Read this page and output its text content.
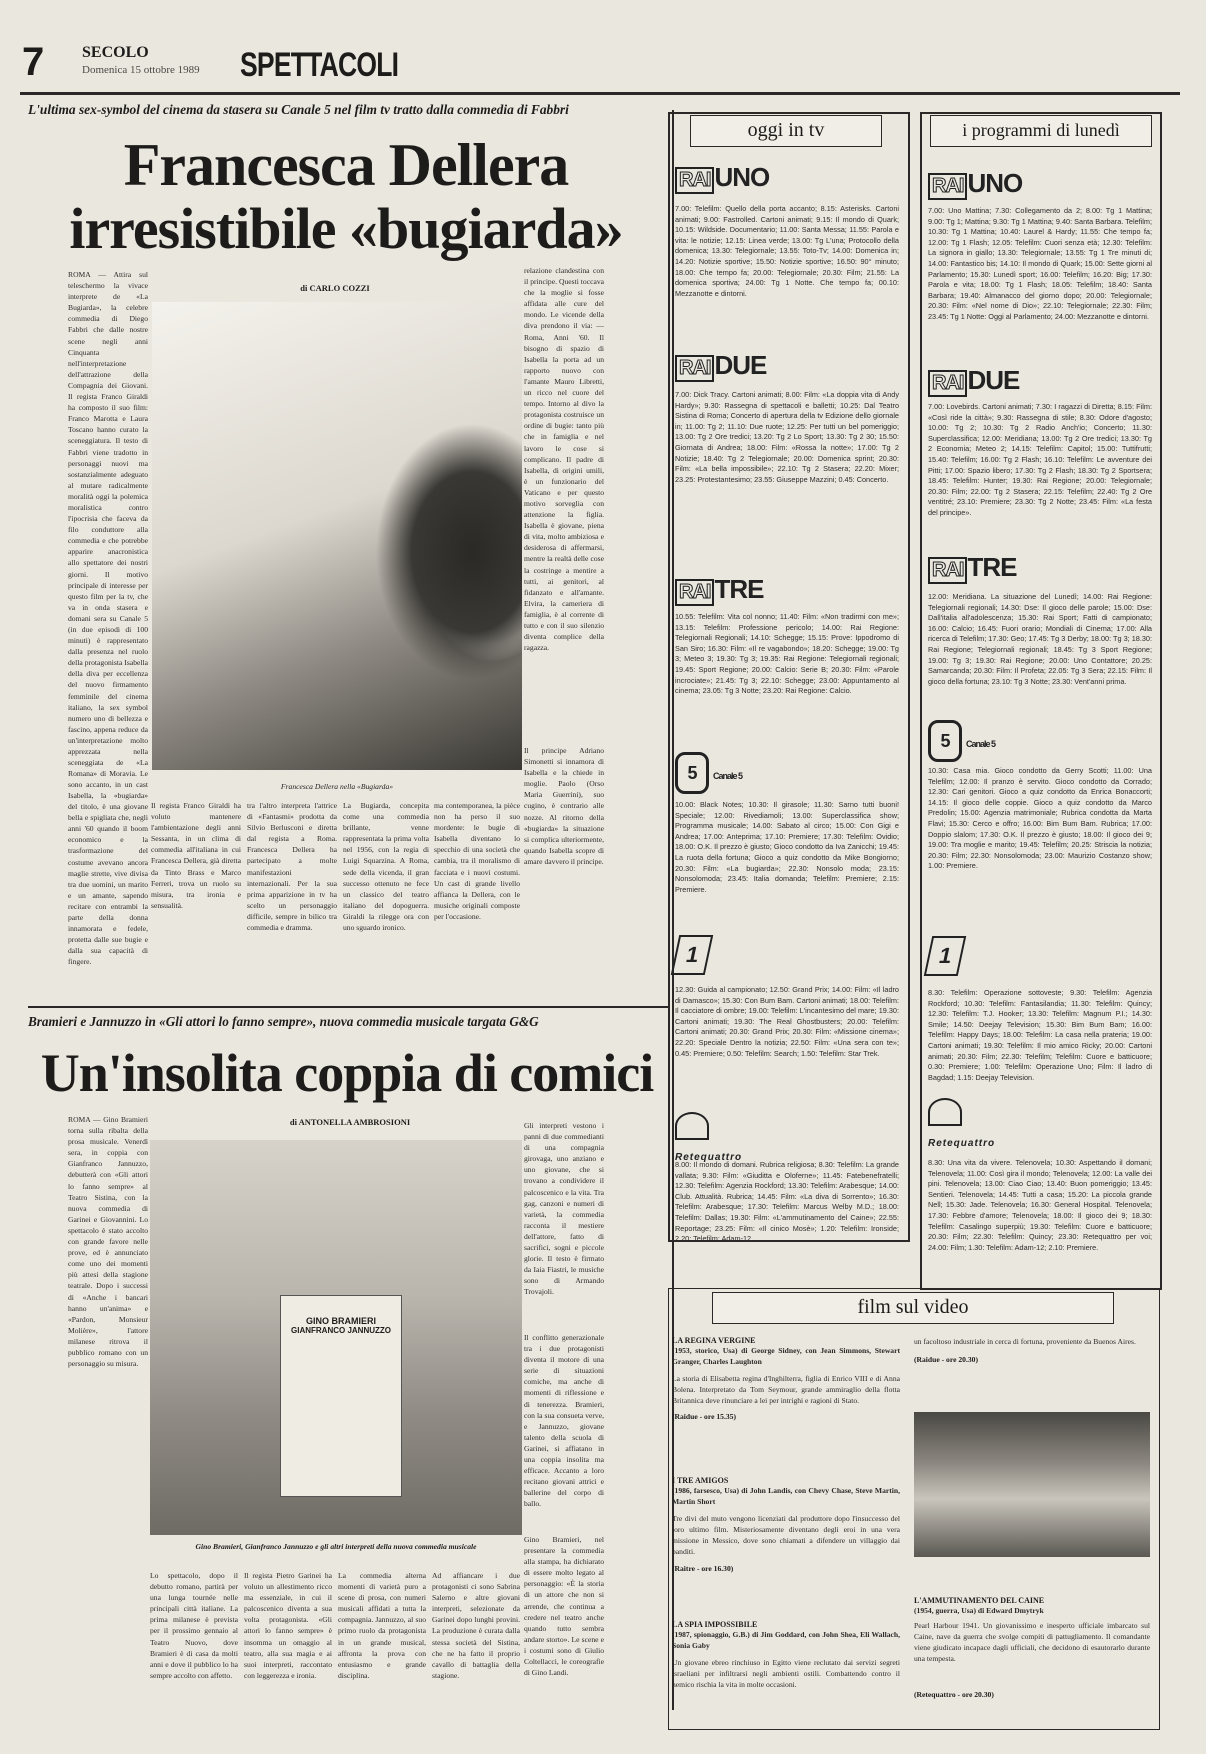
7 SECOLO
Domenica 15 ottobre 1989 SPETTACOLI
L'ultima sex-symbol del cinema da stasera su Canale 5 nel film tv tratto dalla commedia di Fabbri
Francesca Dellera
irresistibile «bugiarda»
ROMA — Attira sul teleschermo la vivace interprete de «La Bugiarda», la celebre commedia di Diego Fabbri che dalle nostre scene negli anni Cinquanta nell'interpretazione dell'attrazione della Compagnia dei Giovani. Il regista Franco Giraldi ha composto il suo film: Franco Marotta e Laura Toscano hanno curato la sceneggiatura. Il testo di Fabbri viene tradotto in personaggi nuovi ma sostanzialmente adeguato al mutare radicalmente moralità oggi la polemica moralistica contro l'ipocrisia che faceva da filo conduttore alla commedia e che potrebbe apparire anacronistica allo spettatore dei nostri giorni. Il motivo principale di interesse per questo film per la tv, che va in onda stasera e domani sera su Canale 5 (in due episodi di 100 minuti) è rappresentato dalla presenza nel ruolo della protagonista Isabella della diva per eccellenza del nuovo firmamento femminile del cinema italiano, la sex symbol numero uno di bellezza e fascino, appena reduce da un'interpretazione molto apprezzata nella sceneggiata de «La Romana» di Moravia. Le sono accanto, in un cast
Isabella, la «bugiarda» del titolo, è una giovane bella e spigliata che, negli anni '60 quando il boom economico e la trasformazione del costume avevano ancora maglie strette, vive divisa tra due uomini, un marito e un amante, sapendo recitare con entrambi la parte della donna innamorata e fedele, protetta dalle sue bugie e dalla sua capacità di fingere.
di CARLO COZZI
Francesca Dellera nella «Bugiarda»
relazione clandestina con il principe. Questi toccava che la moglie si fosse affidata alle cure del mondo. Le vicende della diva prendono il via: — Roma, Anni '60. Il bisogno di spazio di Isabella la porta ad un rapporto nuovo con l'amante Mauro Libretti, un ricco nel cuore del tempo. Intorno al divo la protagonista costruisce un ordine di bugie: tanto più che in famiglia e nel lavoro le cose si complicano. Il padre di Isabella, di origini umili, è un funzionario del Vaticano e per questo motivo sorveglia con attenzione la figlia. Isabella è giovane, piena di vita, molto ambiziosa e desiderosa di affermarsi, mentre la realtà delle cose la costringe a mentire a tutti, ai genitori, al fidanzato e all'amante. Elvira, la cameriera di famiglia, è al corrente di tutto e con il suo silenzio diventa complice della ragazza.
Il principe Adriano Simonetti si innamora di Isabella e la chiede in moglie. Paolo (Orso Maria Guerrini), suo cugino, è contrario alle nozze. Al ritorno della «bugiarda» la situazione si complica ulteriormente, quando Isabella scopre di amare davvero il principe.
Il regista Franco Giraldi ha voluto mantenere l'ambientazione degli anni Sessanta, in un clima di commedia all'italiana in cui Francesca Dellera, già diretta da Tinto Brass e Marco Ferreri, trova un ruolo su misura, tra ironia e sensualità.
tra l'altro interpreta l'attrice di «Fantasmi» prodotta da Silvio Berlusconi e diretta dal regista a Roma. Francesca Dellera ha partecipato a molte manifestazioni internazionali. Per la sua prima apparizione in tv ha scelto un personaggio difficile, sempre in bilico tra commedia e dramma.
La Bugiarda, concepita come una commedia brillante, venne rappresentata la prima volta nel 1956, con la regia di Luigi Squarzina. A Roma, sede della vicenda, il gran successo ottenuto ne fece un classico del teatro italiano del dopoguerra. Giraldi la rilegge ora con uno sguardo ironico.
ma contemporanea, la pièce non ha perso il suo mordente: le bugie di Isabella diventano lo specchio di una società che cambia, tra il moralismo di facciata e i nuovi costumi. Un cast di grande livello affianca la Dellera, con le musiche originali composte per l'occasione.
Bramieri e Jannuzzo in «Gli attori lo fanno sempre», nuova commedia musicale targata G&G
Un'insolita coppia di comici
di ANTONELLA AMBROSIONI
ROMA — Gino Bramieri torna sulla ribalta della prosa musicale. Venerdì sera, in coppia con Gianfranco Jannuzzo, debutterà con «Gli attori lo fanno sempre» al Teatro Sistina, con la nuova commedia di Garinei e Giovannini. Lo spettacolo è stato accolto con grande favore nelle prove, ed è annunciato come uno dei momenti più attesi della stagione teatrale. Dopo i successi di «Anche i bancari hanno un'anima» e «Pardon, Monsieur Molière», l'attore milanese ritrova il pubblico romano con un personaggio su misura.
GINO BRAMIERI
GIANFRANCO JANNUZZO
Gino Bramieri, Gianfranco Jannuzzo e gli altri interpreti della nuova commedia musicale
Gli interpreti vestono i panni di due commedianti di una compagnia girovaga, uno anziano e uno giovane, che si trovano a condividere il palcoscenico e la vita. Tra gag, canzoni e numeri di varietà, la commedia racconta il mestiere dell'attore, fatto di sacrifici, sogni e piccole glorie. Il testo è firmato da Iaia Fiastri, le musiche sono di Armando Trovajoli.
Il conflitto generazionale tra i due protagonisti diventa il motore di una serie di situazioni comiche, ma anche di momenti di riflessione e di tenerezza. Bramieri, con la sua consueta verve, e Jannuzzo, giovane talento della scuola di Garinei, si affiatano in una coppia insolita ma efficace. Accanto a loro recitano giovani attrici e ballerine del corpo di ballo.
Gino Bramieri, nel presentare la commedia alla stampa, ha dichiarato di essere molto legato al personaggio: «È la storia di un attore che non si arrende, che continua a credere nel teatro anche quando tutto sembra andare storto». Le scene e i costumi sono di Giulio Coltellacci, le coreografie di Gino Landi.
Lo spettacolo, dopo il debutto romano, partirà per una lunga tournée nelle principali città italiane. La prima milanese è prevista per il prossimo gennaio al Teatro Nuovo, dove Bramieri è di casa da molti anni e dove il pubblico lo ha sempre accolto con affetto.
Il regista Pietro Garinei ha voluto un allestimento ricco ma essenziale, in cui il palcoscenico diventa a sua volta protagonista. «Gli attori lo fanno sempre» è insomma un omaggio al teatro, alla sua magia e ai suoi interpreti, raccontato con leggerezza e ironia.
La commedia alterna momenti di varietà puro a scene di prosa, con numeri musicali affidati a tutta la compagnia. Jannuzzo, al suo primo ruolo da protagonista in un grande musical, affronta la prova con entusiasmo e grande disciplina.
Ad affiancare i due protagonisti ci sono Sabrina Salerno e altre giovani interpreti, selezionate da Garinei dopo lunghi provini. La produzione è curata dalla stessa società del Sistina, che ne ha fatto il proprio cavallo di battaglia della stagione.
oggi in tv
RAI UNO
7.00: Telefilm: Quello della porta accanto; 8.15: Asterisks. Cartoni animati; 9.00: Fastrolled. Cartoni animati; 9.15: Il mondo di Quark; 10.15: Wildside. Documentario; 11.00: Santa Messa; 11.55: Parola e vita: le notizie; 12.15: Linea verde; 13.00: Tg L'una; Protocollo della domenica; 13.30: Telegiornale; 13.55: Toto-Tv; 14.00: Domenica in; 14.20: Notizie sportive; 15.50: Notizie sportive; 16.50: 90° minuto; 18.00: Che tempo fa; 20.00: Telegiornale; 20.30: Film; 21.55: La domenica sportiva; 24.00: Tg 1 Notte. Che tempo fa; 00.10: Mezzanotte e dintorni.
RAI DUE
7.00: Dick Tracy. Cartoni animati; 8.00: Film: «La doppia vita di Andy Hardy»; 9.30: Rassegna di spettacoli e balletti; 10.25: Dal Teatro Sistina di Roma; Concerto di apertura della tv Edizione dello giornale in; 11.00: Tg 2; 11.10: Due ruote; 12.25: Per tutti un bel pomeriggio; 13.00: Tg 2 Ore tredici; 13.20: Tg 2 Lo Sport; 13.30: Tg 2 30; 15.50: Giornata di Andrea; 18.00: Film: «Rossa la notte»; 17.00: Tg 2 Notizie; 18.40: Tg 2 Telegiornale; 20.00: Domenica sprint; 20.30: Film: «La bella impossibile»; 22.10: Tg 2 Stasera; 22.20: Mixer; 23.25: Protestantesimo; 23.55: Giuseppe Mazzini; 0.45: Concerto.
RAI TRE
10.55: Telefilm: Vita col nonno; 11.40: Film: «Non tradirmi con me»; 13.15: Telefilm: Professione pericolo; 14.00: Rai Regione: Telegiornali Regionali; 14.10: Schegge; 15.15: Prove: Ippodromo di San Siro; 16.30: Film: «Il re vagabondo»; 18.20: Schegge; 19.00: Tg 3; Meteo 3; 19.30: Tg 3; 19.35: Rai Regione: Telegiornali regionali; 19.45: Sport Regione; 20.00: Calcio: Serie B; 20.30: Film: «Parole incrociate»; 21.45: Tg 3; 22.10: Schegge; 23.00: Appuntamento al cinema; 23.05: Tg 3 Notte; 23.20: Rai Regione: Calcio.
5 Canale 5
10.00: Black Notes; 10.30: Il girasole; 11.30: Sarno tutti buoni! Speciale; 12.00: Rivediamoli; 13.00: Superclassifica show; Programma musicale; 14.00: Sabato al circo; 15.00: Con Gigi e Andrea; 17.00: Anteprima; 17.10: Premiere; 17.30: Telefilm: Ovidio; 18.00: O.K. Il prezzo è giusto; Gioco condotto da Iva Zanicchi; 19.45: La ruota della fortuna; Gioco a quiz condotto da Mike Bongiorno; 20.30: Film: «La bugiarda»; 22.30: Nonsolo moda; 23.15: Nonsolomoda; 23.45: Italia domanda; Telefilm: Premiere; 2.15: Premiere.
1
12.30: Guida al campionato; 12.50: Grand Prix; 14.00: Film: «Il ladro di Damasco»; 15.30: Con Bum Bam. Cartoni animati; 18.00: Telefilm: Il cacciatore di ombre; 19.00: Telefilm: L'incantesimo del mare; 19.30: Cartoni animati; 19.30: The Real Ghostbusters; 20.00: Telefilm: Cartoni animati; 20.30: Grand Prix; 20.30: Film: «Missione cinema»; 22.20: Speciale Dentro la notizia; 22.50: Film: «Una sera con te»; 0.45: Premiere; 0.50: Telefilm: Search; 1.50: Telefilm: Star Trek.
Retequattro
8.00: Il mondo di domani. Rubrica religiosa; 8.30: Telefilm: La grande vallata; 9.30: Film: «Giuditta e Oloferne»; 11.45: Fatebenefratelli; 12.30: Telefilm: Agenzia Rockford; 13.30: Telefilm: Arabesque; 14.00: Club. Attualità. Rubrica; 14.45: Film: «La diva di Sorrento»; 16.30: Telefilm: Arabesque; 17.30: Telefilm: Marcus Welby M.D.; 18.00: Telefilm: Dallas; 19.30: Film: «L'ammutinamento del Caine»; 22.55: Reportage; 23.25: Film: «Il cinico Mosè»; 1.20: Telefilm: Ironside; 2.20: Telefilm: Adam-12.
i programmi di lunedì
RAI UNO
7.00: Uno Mattina; 7.30: Collegamento da 2; 8.00: Tg 1 Mattina; 9.00: Tg 1; Mattina; 9.30: Tg 1 Mattina; 9.40: Santa Barbara. Telefilm; 10.30: Tg 1 Mattina; 10.40: Laurel & Hardy; 11.55: Che tempo fa; 12.00: Tg 1 Flash; 12.05: Telefilm: Cuori senza età; 12.30: Telefilm: La signora in giallo; 13.30: Telegiornale; 13.55: Tg 1 Tre minuti di; 14.00: Fantastico bis; 14.10: Il mondo di Quark; 15.00: Sette giorni al Parlamento; 15.30: Lunedì sport; 16.00: Telefilm; 16.20: Big; 17.30: Parola e vita; 18.00: Tg 1 Flash; 18.05: Telefilm; 18.40: Santa Barbara; 19.40: Almanacco del giorno dopo; 20.00: Telegiornale; 20.30: Film: «Nel nome di Dio»; 22.10: Telegiornale; 22.30: Film; 23.45: Tg 1 Notte: Oggi al Parlamento; 24.00: Mezzanotte e dintorni.
RAI DUE
7.00: Lovebirds. Cartoni animati; 7.30: I ragazzi di Diretta; 8.15: Film: «Così ride la città»; 9.30: Rassegna di stile; 8.30: Odore d'agosto; 10.00: Tg 2; 10.30: Tg 2 Radio Anch'io; Concerto; 11.30: Superclassifica; 12.00: Meridiana; 13.00: Tg 2 Ore tredici; 13.30: Tg 2 Economia; Meteo 2; 14.15: Telefilm: Capitol; 15.00: Tuttifrutti; 15.40: Telefilm; 16.00: Tg 2 Flash; 16.10: Telefilm: Le avventure dei Pitti; 17.00: Spazio libero; 17.30: Tg 2 Flash; 18.30: Tg 2 Sportsera; 18.45: Telefilm: Hunter; 19.30: Rai Regione; 20.00: Telegiornale; 20.30: Film; 22.00: Tg 2 Stasera; 22.15: Telefilm; 22.40: Tg 2 Ore ventitré; 23.10: Premiere; 23.30: Tg 2 Notte; 23.45: Film: «La festa del principe».
RAI TRE
12.00: Meridiana. La situazione del Lunedì; 14.00: Rai Regione: Telegiornali regionali; 14.30: Dse: Il gioco delle parole; 15.00: Dse: Dall'italia all'adolescenza; 15.30: Rai Sport; Fatti di campionato; 16.00: Calcio; 16.45: Fuori orario; Mondiali di Cinema; 17.00: Alla ricerca di Telefilm; 17.30: Geo; 17.45: Tg 3 Derby; 18.00: Tg 3; 18.30: Rai Regione; Telegiornali regionali; 18.45: Tg 3 Sport Regione; 19.00: Tg 3; 19.30: Rai Regione; 20.00: Uno Contattore; 20.25: Samarcanda; 20.30: Film: Il Profeta; 22.05: Tg 3 Sera; 22.15: Film: Il gioco della fortuna; 23.10: Tg 3 Notte; 23.30: Vent'anni prima.
5 Canale 5
10.30: Casa mia. Gioco condotto da Gerry Scotti; 11.00: Una Telefilm; 12.00: Il pranzo è servito. Gioco condotto da Corrado; 12.30: Cari genitori. Gioco a quiz condotto da Enrica Bonaccorti; 14.15: Il gioco delle coppie. Gioco a quiz condotto da Marco Predolin; 15.00: Agenzia matrimoniale; Rubrica condotta da Marta Flavi; 15.30: Cerco e offro; 16.00: Bim Bum Bam. Rubrica; 17.00: Doppio slalom; 17.30: O.K. Il prezzo è giusto; 18.00: Il gioco dei 9; 19.00: Tra moglie e marito; 19.45: Telefilm; 20.25: Striscia la notizia; 20.30: Film; 22.30: Nonsolomoda; 23.00: Maurizio Costanzo show; 1.00: Premiere.
1
8.30: Telefilm: Operazione sottoveste; 9.30: Telefilm: Agenzia Rockford; 10.30: Telefilm: Fantasilandia; 11.30: Telefilm: Quincy; 12.30: Telefilm: T.J. Hooker; 13.30: Telefilm: Magnum P.I.; 14.30: Smile; 14.50: Deejay Television; 15.30: Bim Bum Bam; 16.00: Telefilm: Happy Days; 18.00: Telefilm: La casa nella prateria; 19.00: Cartoni animati; 19.30: Telefilm: Il mio amico Ricky; 20.00: Cartoni animati; 20.30: Film; 22.30: Telefilm; Telefilm: Cuore e batticuore; 0.30: Premiere; 1.00: Telefilm: Operazione Uno; Film: Il ladro di Bagdad; 1.15: Deejay Television.
Retequattro
8.30: Una vita da vivere. Telenovela; 10.30: Aspettando il domani; Telenovela; 11.00: Così gira il mondo; Telenovela; 12.00: La valle dei pini. Telenovela; 13.00: Ciao Ciao; 13.40: Buon pomeriggio; 13.45: Sentieri. Telenovela; 14.45: Tutti a casa; 15.20: La piccola grande Nell; 15.30: Jade. Telenovela; 16.30: General Hospital. Telenovela; 17.30: Febbre d'amore; Telenovela; 18.00: Il gioco dei 9; 18.30: Telefilm: Casalingo superpiù; 19.30: Telefilm: Cuore e batticuore; 20.30: Film; 22.30: Telefilm: Quincy; 23.30: Retequattro per voi; 24.00: Film; 1.30: Telefilm: Adam-12; 2.10: Premiere.
film sul video
LA REGINA VERGINE
(1953, storico, Usa) di George Sidney, con Jean Simmons, Stewart Granger, Charles Laughton
La storia di Elisabetta regina d'Inghilterra, figlia di Enrico VIII e di Anna Bolena. Interpretato da Tom Seymour, grande ammiraglio della flotta Britannica deve rinunciare a lei per intrighi e ragioni di Stato.
(Raidue - ore 15.35)
I TRE AMIGOS
(1986, farsesco, Usa) di John Landis, con Chevy Chase, Steve Martin, Martin Short
Tre divi del muto vengono licenziati dal produttore dopo l'insuccesso del loro ultimo film. Misteriosamente diventano degli eroi in una vera missione in Messico, dove sono chiamati a difendere un villaggio dai banditi.
(Raitre - ore 16.30)
LA SPIA IMPOSSIBILE
(1987, spionaggio, G.B.) di Jim Goddard, con John Shea, Eli Wallach, Sonia Gaby
Un giovane ebreo rinchiuso in Egitto viene reclutato dai servizi segreti israeliani per infiltrarsi negli ambienti ostili. Combattendo contro il nemico rischia la vita in molte occasioni.
un facoltoso industriale in cerca di fortuna, proveniente da Buenos Aires.
(Raidue - ore 20.30)
L'AMMUTINAMENTO DEL CAINE
(1954, guerra, Usa) di Edward Dmytryk
Pearl Harbour 1941. Un giovanissimo e inesperto ufficiale imbarcato sul Caine, nave da guerra che svolge compiti di pattugliamento. Il comandante viene giudicato incapace dagli ufficiali, che decidono di esautorarlo durante una tempesta.
(Retequattro - ore 20.30)
